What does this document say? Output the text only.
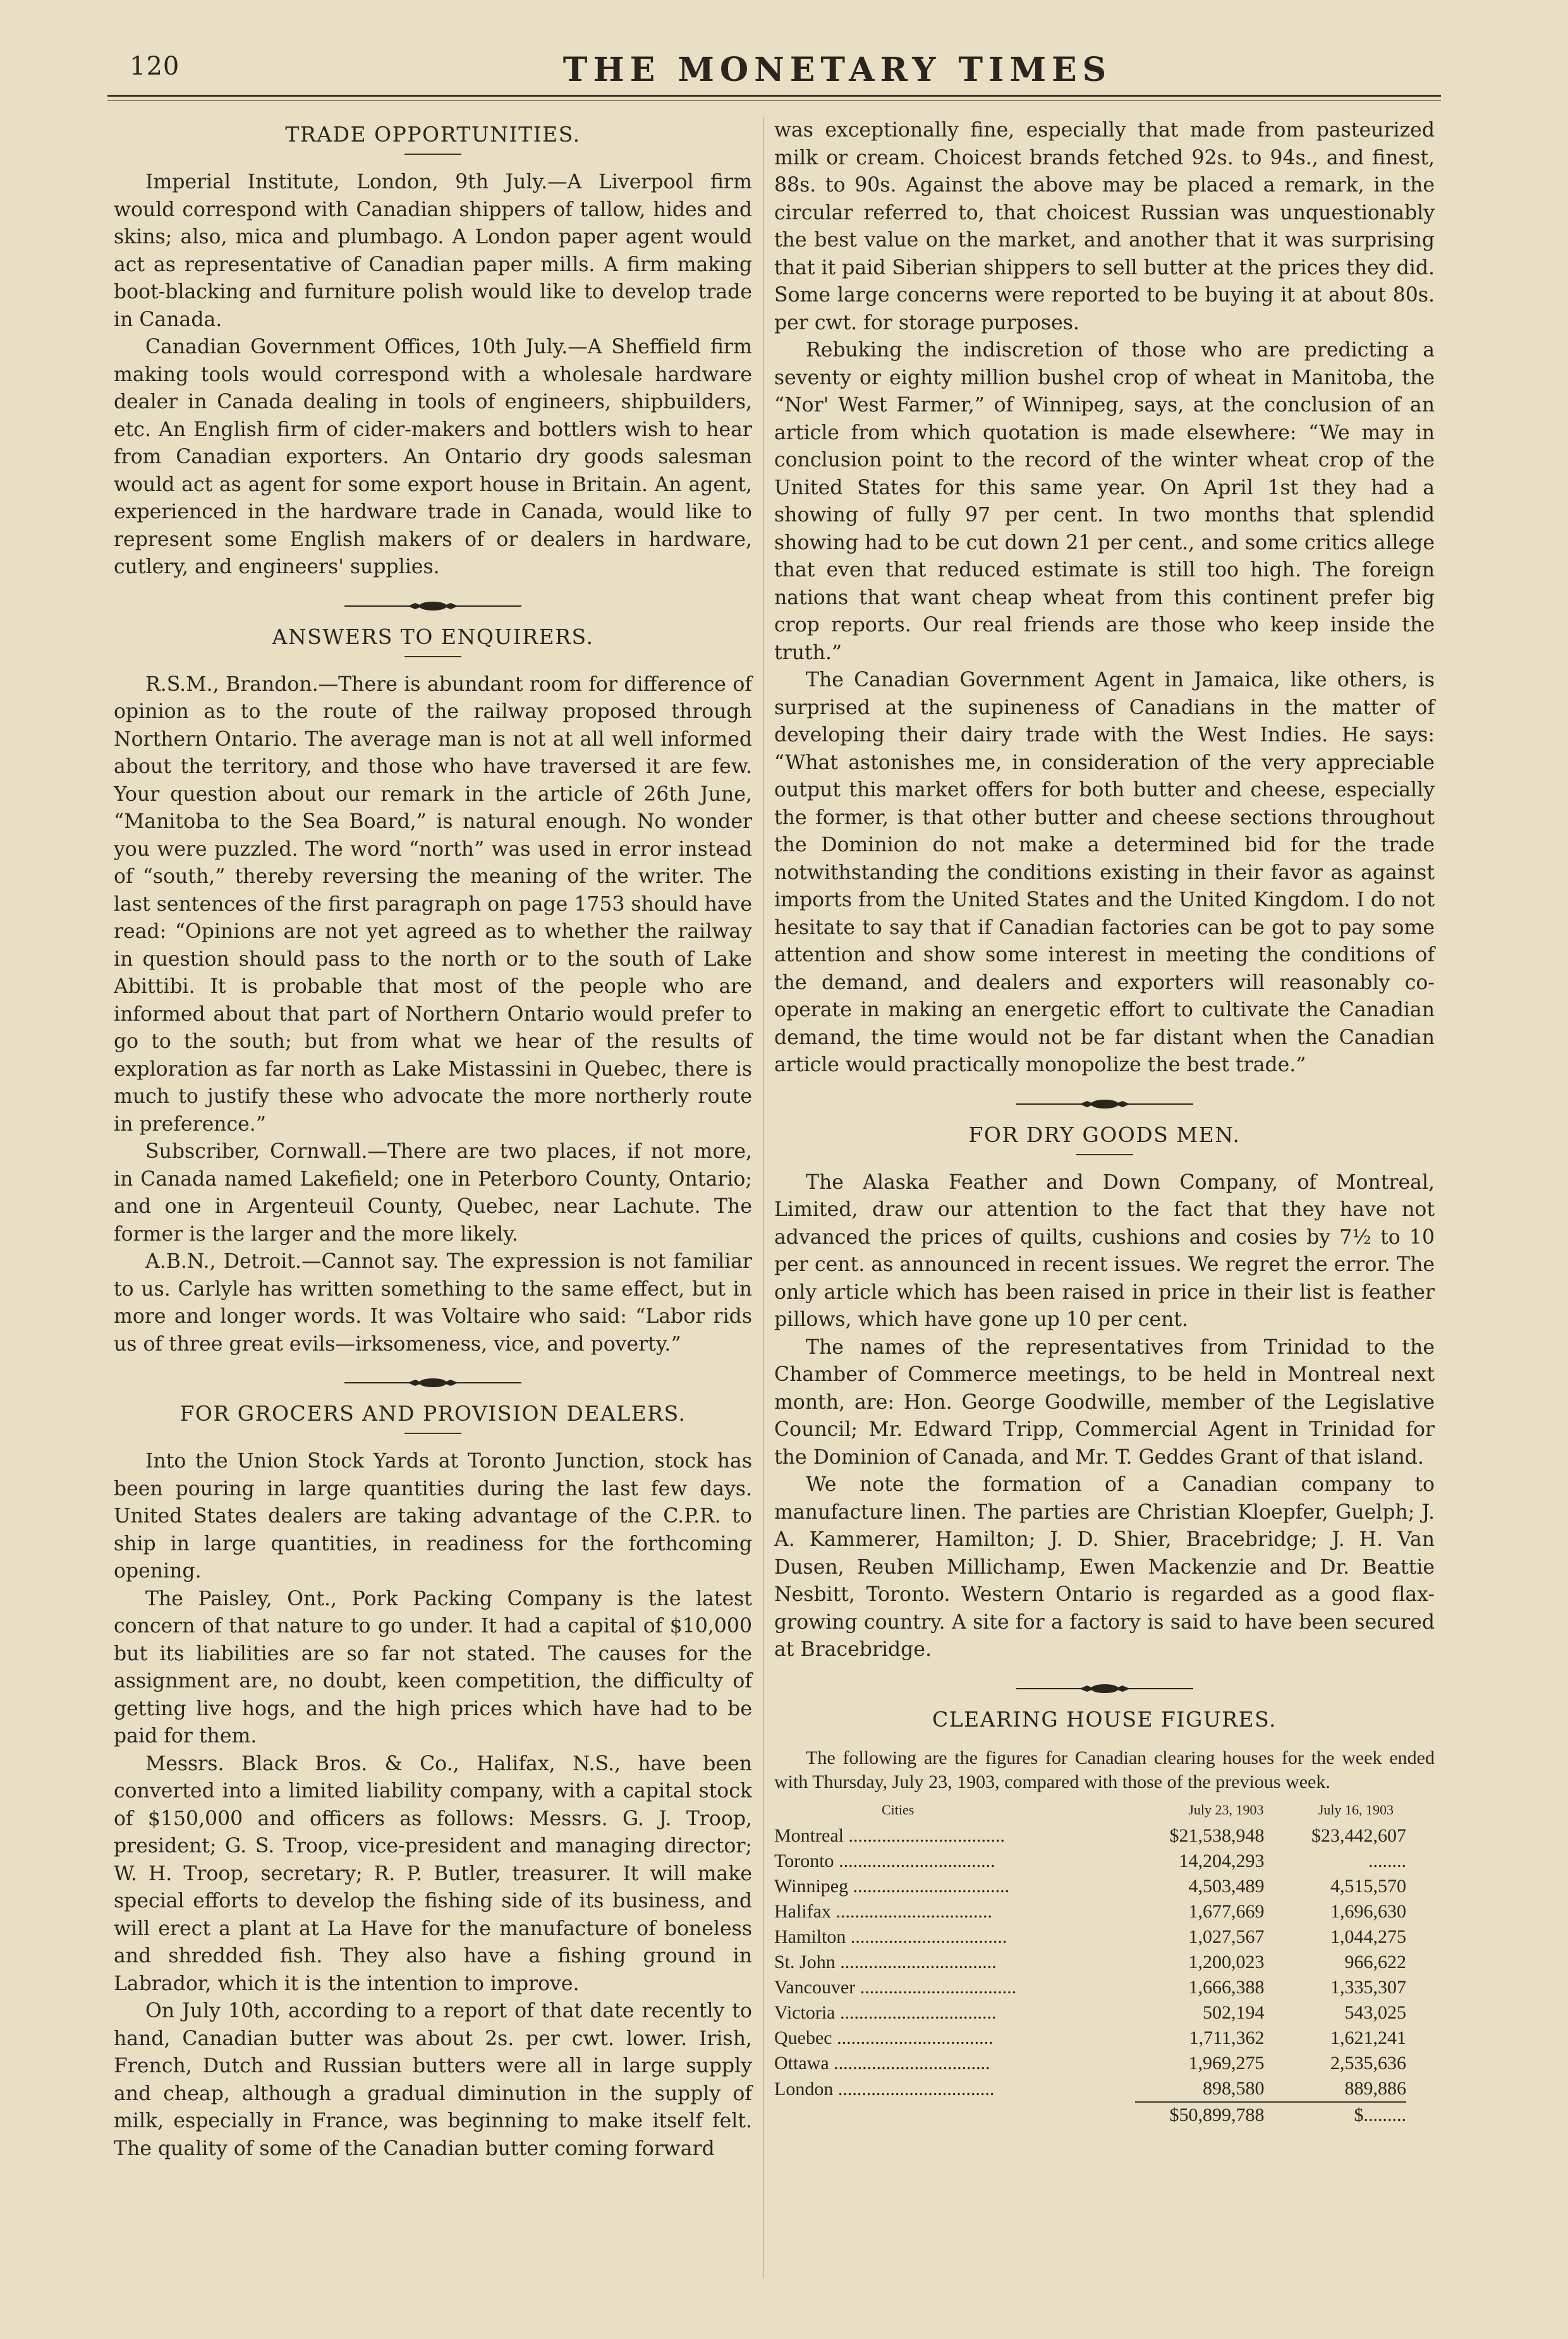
120	THE MONETARY TIMES
TRADE OPPORTUNITIES.

Imperial Institute, London, 9th July.—A Liverpool firm would correspond with Canadian shippers of tallow, hides and skins; also, mica and plumbago. A London paper agent would act as representative of Canadian paper mills. A firm making boot-blacking and furniture polish would like to develop trade in Canada.

Canadian Government Offices, 10th July.—A Sheffield firm making tools would correspond with a wholesale hardware dealer in Canada dealing in tools of engineers, shipbuilders, etc. An English firm of cider-makers and bottlers wish to hear from Canadian exporters. An Ontario dry goods salesman would act as agent for some export house in Britain. An agent, experienced in the hardware trade in Canada, would like to represent some English makers of or dealers in hardware, cutlery, and engineers' supplies.

ANSWERS TO ENQUIRERS.

R.S.M., Brandon.—There is abundant room for difference of opinion as to the route of the railway proposed through Northern Ontario. The average man is not at all well informed about the territory, and those who have traversed it are few. Your question about our remark in the article of 26th June, “Manitoba to the Sea Board,” is natural enough. No wonder you were puzzled. The word “north” was used in error instead of “south,” thereby reversing the meaning of the writer. The last sentences of the first paragraph on page 1753 should have read: “Opinions are not yet agreed as to whether the railway in question should pass to the north or to the south of Lake Abittibi. It is probable that most of the people who are informed about that part of Northern Ontario would prefer to go to the south; but from what we hear of the results of exploration as far north as Lake Mistassini in Quebec, there is much to justify these who advocate the more northerly route in preference.”

Subscriber, Cornwall.—There are two places, if not more, in Canada named Lakefield; one in Peterboro County, Ontario; and one in Argenteuil County, Quebec, near Lachute. The former is the larger and the more likely.

A.B.N., Detroit.—Cannot say. The expression is not familiar to us. Carlyle has written something to the same effect, but in more and longer words. It was Voltaire who said: “Labor rids us of three great evils—irksomeness, vice, and poverty.”

FOR GROCERS AND PROVISION DEALERS.

Into the Union Stock Yards at Toronto Junction, stock has been pouring in large quantities during the last few days. United States dealers are taking advantage of the C.P.R. to ship in large quantities, in readiness for the forthcoming opening.

The Paisley, Ont., Pork Packing Company is the latest concern of that nature to go under. It had a capital of $10,000 but its liabilities are so far not stated. The causes for the assignment are, no doubt, keen competition, the difficulty of getting live hogs, and the high prices which have had to be paid for them.

Messrs. Black Bros. & Co., Halifax, N.S., have been converted into a limited liability company, with a capital stock of $150,000 and officers as follows: Messrs. G. J. Troop, president; G. S. Troop, vice-president and managing director; W. H. Troop, secretary; R. P. Butler, treasurer. It will make special efforts to develop the fishing side of its business, and will erect a plant at La Have for the manufacture of boneless and shredded fish. They also have a fishing ground in Labrador, which it is the intention to improve.

On July 10th, according to a report of that date recently to hand, Canadian butter was about 2s. per cwt. lower. Irish, French, Dutch and Russian butters were all in large supply and cheap, although a gradual diminution in the supply of milk, especially in France, was beginning to make itself felt. The quality of some of the Canadian butter coming forward

was exceptionally fine, especially that made from pasteurized milk or cream. Choicest brands fetched 92s. to 94s., and finest, 88s. to 90s. Against the above may be placed a remark, in the circular referred to, that choicest Russian was unquestionably the best value on the market, and another that it was surprising that it paid Siberian shippers to sell butter at the prices they did. Some large concerns were reported to be buying it at about 80s. per cwt. for storage purposes.

Rebuking the indiscretion of those who are predicting a seventy or eighty million bushel crop of wheat in Manitoba, the “Nor' West Farmer,” of Winnipeg, says, at the conclusion of an article from which quotation is made elsewhere: “We may in conclusion point to the record of the winter wheat crop of the United States for this same year. On April 1st they had a showing of fully 97 per cent. In two months that splendid showing had to be cut down 21 per cent., and some critics allege that even that reduced estimate is still too high. The foreign nations that want cheap wheat from this continent prefer big crop reports. Our real friends are those who keep inside the truth.”

The Canadian Government Agent in Jamaica, like others, is surprised at the supineness of Canadians in the matter of developing their dairy trade with the West Indies. He says: “What astonishes me, in consideration of the very appreciable output this market offers for both butter and cheese, especially the former, is that other butter and cheese sections throughout the Dominion do not make a determined bid for the trade notwithstanding the conditions existing in their favor as against imports from the United States and the United Kingdom. I do not hesitate to say that if Canadian factories can be got to pay some attention and show some interest in meeting the conditions of the demand, and dealers and exporters will reasonably co-operate in making an energetic effort to cultivate the Canadian demand, the time would not be far distant when the Canadian article would practically monopolize the best trade.”

FOR DRY GOODS MEN.

The Alaska Feather and Down Company, of Montreal, Limited, draw our attention to the fact that they have not advanced the prices of quilts, cushions and cosies by 7½ to 10 per cent. as announced in recent issues. We regret the error. The only article which has been raised in price in their list is feather pillows, which have gone up 10 per cent.

The names of the representatives from Trinidad to the Chamber of Commerce meetings, to be held in Montreal next month, are: Hon. George Goodwille, member of the Legislative Council; Mr. Edward Tripp, Commercial Agent in Trinidad for the Dominion of Canada, and Mr. T. Geddes Grant of that island.

We note the formation of a Canadian company to manufacture linen. The parties are Christian Kloepfer, Guelph; J. A. Kammerer, Hamilton; J. D. Shier, Bracebridge; J. H. Van Dusen, Reuben Millichamp, Ewen Mackenzie and Dr. Beattie Nesbitt, Toronto. Western Ontario is regarded as a good flax-growing country. A site for a factory is said to have been secured at Bracebridge.

CLEARING HOUSE FIGURES.

The following are the figures for Canadian clearing houses for the week ended with Thursday, July 23, 1903, compared with those of the previous week.

Cities	July 23, 1903	July 16, 1903
Montreal .................................	$21,538,948	$23,442,607
Toronto .................................	14,204,293	........
Winnipeg .................................	4,503,489	4,515,570
Halifax .................................	1,677,669	1,696,630
Hamilton .................................	1,027,567	1,044,275
St. John .................................	1,200,023	966,622
Vancouver .................................	1,666,388	1,335,307
Victoria .................................	502,194	543,025
Quebec .................................	1,711,362	1,621,241
Ottawa .................................	1,969,275	2,535,636
London .................................	898,580	889,886
	$50,899,788	$.........
